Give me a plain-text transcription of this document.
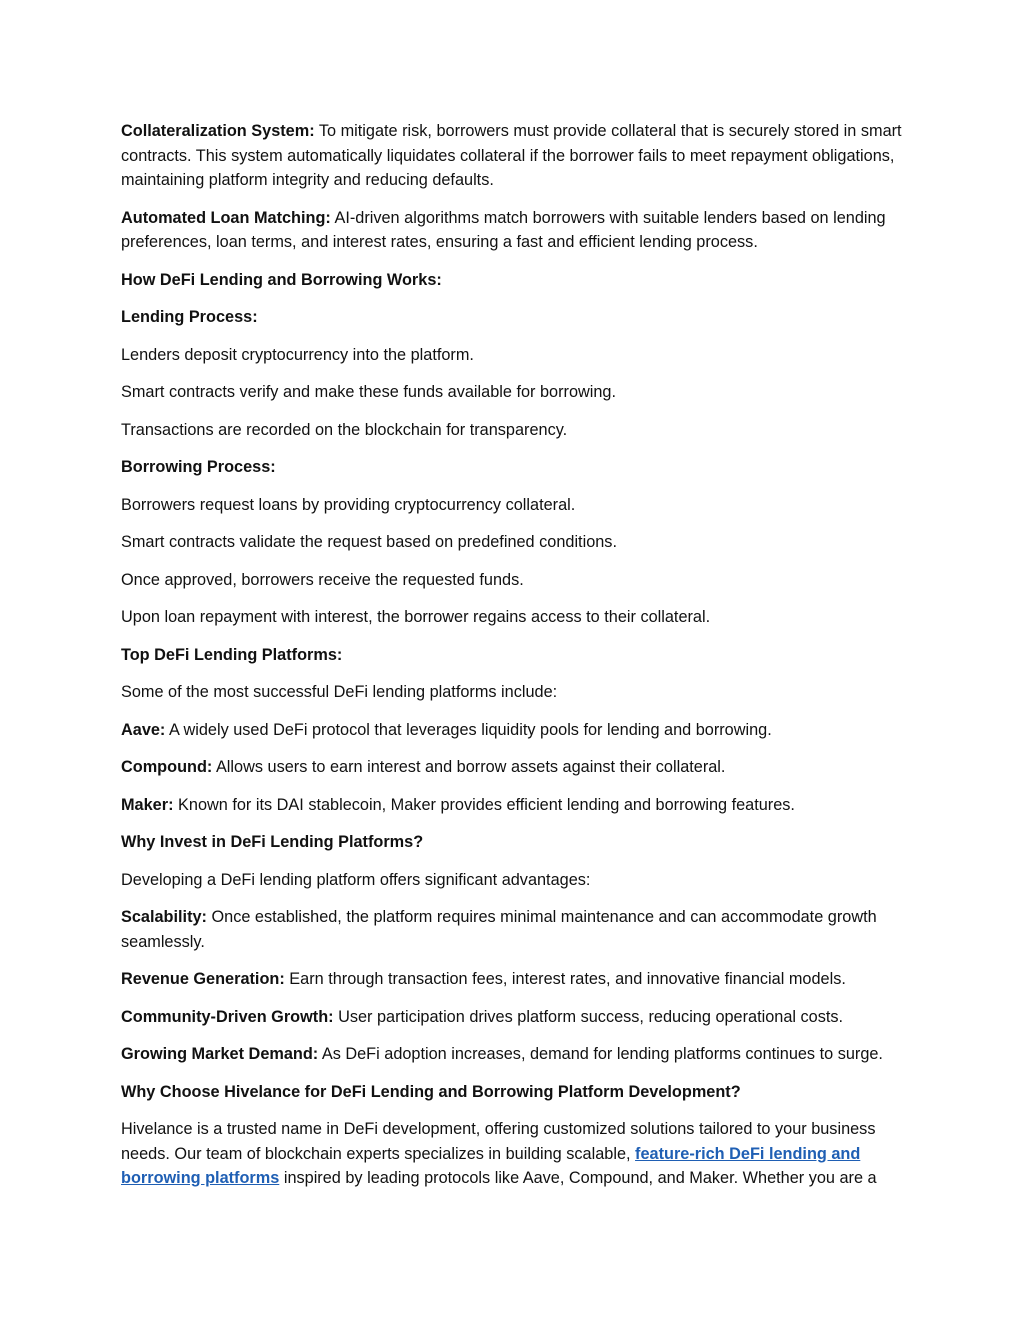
Collateralization System: To mitigate risk, borrowers must provide collateral that is securely stored in smart contracts. This system automatically liquidates collateral if the borrower fails to meet repayment obligations, maintaining platform integrity and reducing defaults.

Automated Loan Matching: AI-driven algorithms match borrowers with suitable lenders based on lending preferences, loan terms, and interest rates, ensuring a fast and efficient lending process.

How DeFi Lending and Borrowing Works:

Lending Process:

Lenders deposit cryptocurrency into the platform.

Smart contracts verify and make these funds available for borrowing.

Transactions are recorded on the blockchain for transparency.

Borrowing Process:

Borrowers request loans by providing cryptocurrency collateral.

Smart contracts validate the request based on predefined conditions.

Once approved, borrowers receive the requested funds.

Upon loan repayment with interest, the borrower regains access to their collateral.

Top DeFi Lending Platforms:

Some of the most successful DeFi lending platforms include:

Aave: A widely used DeFi protocol that leverages liquidity pools for lending and borrowing.

Compound: Allows users to earn interest and borrow assets against their collateral.

Maker: Known for its DAI stablecoin, Maker provides efficient lending and borrowing features.

Why Invest in DeFi Lending Platforms?

Developing a DeFi lending platform offers significant advantages:

Scalability: Once established, the platform requires minimal maintenance and can accommodate growth seamlessly.

Revenue Generation: Earn through transaction fees, interest rates, and innovative financial models.

Community-Driven Growth: User participation drives platform success, reducing operational costs.

Growing Market Demand: As DeFi adoption increases, demand for lending platforms continues to surge.

Why Choose Hivelance for DeFi Lending and Borrowing Platform Development?

Hivelance is a trusted name in DeFi development, offering customized solutions tailored to your business needs. Our team of blockchain experts specializes in building scalable, feature-rich DeFi lending and borrowing platforms inspired by leading protocols like Aave, Compound, and Maker. Whether you are a
